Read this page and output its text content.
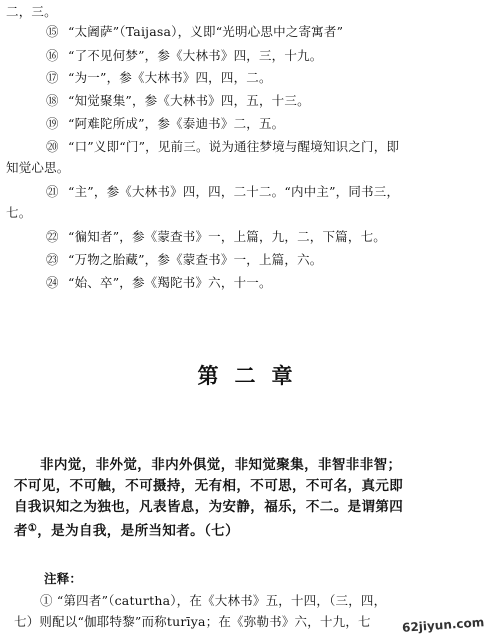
二，三。
⑮ “太阇萨”（Taijasa），义即“光明心思中之寄寓者”
⑯ “了不见何梦”，参《大林书》四，三，十九。
⑰ “为一”，参《大林书》四，四，二。
⑱ “知觉聚集”，参《大林书》四，五，十三。
⑲ “阿难陀所成”，参《泰迪书》二，五。
⑳ “口”义即“门”，见前三。说为通往梦境与醒境知识之门，即
知觉心思。
㉑ “主”，参《大林书》四，四，二十二。“内中主”，同书三，
七。
㉒ “徧知者”，参《蒙查书》一，上篇，九，二，下篇，七。
㉓ “万物之胎藏”，参《蒙查书》一，上篇，六。
㉔ “始、卒”，参《羯陀书》六，十一。
第二章
非内觉，非外觉，非内外俱觉，非知觉聚集，非智非非智；
不可见，不可触，不可摄持，无有相，不可思，不可名，真元即
自我识知之为独也，凡表皆息，为安静，福乐，不二。是谓第四
者①，是为自我，是所当知者。（七）
注释：
① “第四者”（caturtha），在《大林书》五，十四，（三，四，
七）则配以“伽耶特黎”而称turīya；在《弥勒书》六，十九，七	62jiyun.com
